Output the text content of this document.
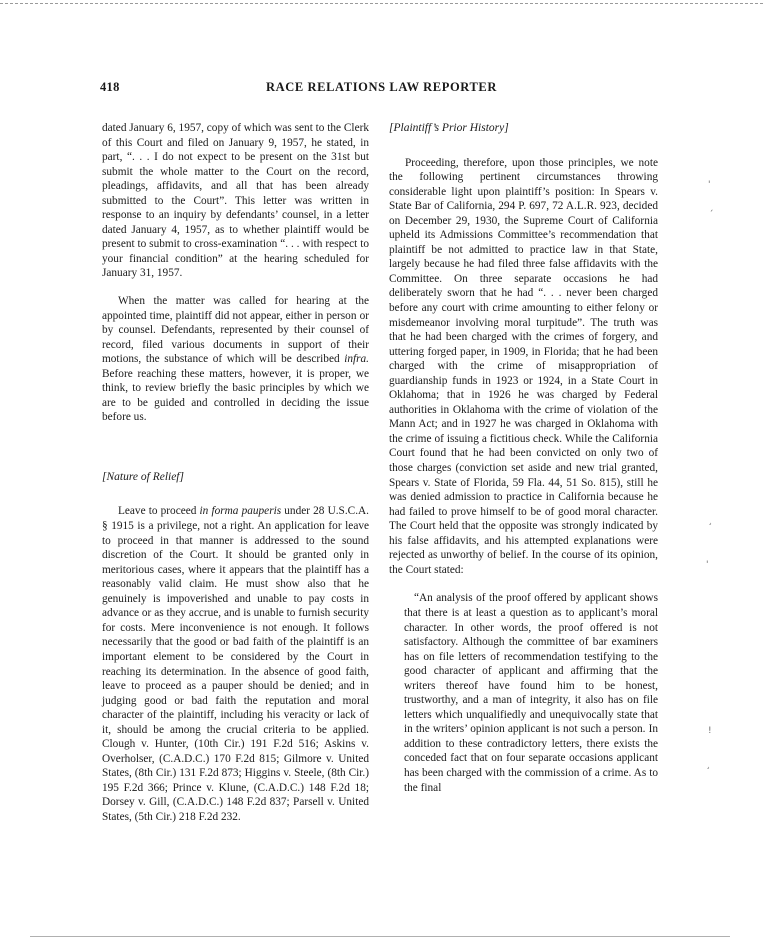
418	RACE RELATIONS LAW REPORTER

dated January 6, 1957, copy of which was sent to the Clerk of this Court and filed on January 9, 1957, he stated, in part, “. . . I do not expect to be present on the 31st but submit the whole matter to the Court on the record, pleadings, affidavits, and all that has been already submitted to the Court”. This letter was written in response to an inquiry by defendants’ counsel, in a letter dated January 4, 1957, as to whether plaintiff would be present to submit to cross-examination “. . . with respect to your financial condition” at the hearing scheduled for January 31, 1957.

When the matter was called for hearing at the appointed time, plaintiff did not appear, either in person or by counsel. Defendants, represented by their counsel of record, filed various documents in support of their motions, the substance of which will be described infra. Before reaching these matters, however, it is proper, we think, to review briefly the basic principles by which we are to be guided and controlled in deciding the issue before us.

[Nature of Relief]

Leave to proceed in forma pauperis under 28 U.S.C.A. § 1915 is a privilege, not a right. An application for leave to proceed in that manner is addressed to the sound discretion of the Court. It should be granted only in meritorious cases, where it appears that the plaintiff has a reasonably valid claim. He must show also that he genuinely is impoverished and unable to pay costs in advance or as they accrue, and is unable to furnish security for costs. Mere inconvenience is not enough. It follows necessarily that the good or bad faith of the plaintiff is an important element to be considered by the Court in reaching its determination. In the absence of good faith, leave to proceed as a pauper should be denied; and in judging good or bad faith the reputation and moral character of the plaintiff, including his veracity or lack of it, should be among the crucial criteria to be applied. Clough v. Hunter, (10th Cir.) 191 F.2d 516; Askins v. Overholser, (C.A.D.C.) 170 F.2d 815; Gilmore v. United States, (8th Cir.) 131 F.2d 873; Higgins v. Steele, (8th Cir.) 195 F.2d 366; Prince v. Klune, (C.A.D.C.) 148 F.2d 18; Dorsey v. Gill, (C.A.D.C.) 148 F.2d 837; Parsell v. United States, (5th Cir.) 218 F.2d 232.

[Plaintiff’s Prior History]

Proceeding, therefore, upon those principles, we note the following pertinent circumstances throwing considerable light upon plaintiff’s position: In Spears v. State Bar of California, 294 P. 697, 72 A.L.R. 923, decided on December 29, 1930, the Supreme Court of California upheld its Admissions Committee’s recommendation that plaintiff be not admitted to practice law in that State, largely because he had filed three false affidavits with the Committee. On three separate occasions he had deliberately sworn that he had “. . . never been charged before any court with crime amounting to either felony or misdemeanor involving moral turpitude”. The truth was that he had been charged with the crimes of forgery, and uttering forged paper, in 1909, in Florida; that he had been charged with the crime of misappropriation of guardianship funds in 1923 or 1924, in a State Court in Oklahoma; that in 1926 he was charged by Federal authorities in Oklahoma with the crime of violation of the Mann Act; and in 1927 he was charged in Oklahoma with the crime of issuing a fictitious check. While the California Court found that he had been convicted on only two of those charges (conviction set aside and new trial granted, Spears v. State of Florida, 59 Fla. 44, 51 So. 815), still he was denied admission to practice in California because he had failed to prove himself to be of good moral character. The Court held that the opposite was strongly indicated by his false affidavits, and his attempted explanations were rejected as unworthy of belief. In the course of its opinion, the Court stated:

“An analysis of the proof offered by applicant shows that there is at least a question as to applicant’s moral character. In other words, the proof offered is not satisfactory. Although the committee of bar examiners has on file letters of recommendation testifying to the good character of applicant and affirming that the writers thereof have found him to be honest, trustworthy, and a man of integrity, it also has on file letters which unqualifiedly and unequivocally state that in the writers’ opinion applicant is not such a person. In addition to these contradictory letters, there exists the conceded fact that on four separate occasions applicant has been charged with the commission of a crime. As to the final

'
´
¸
'
!
¸
